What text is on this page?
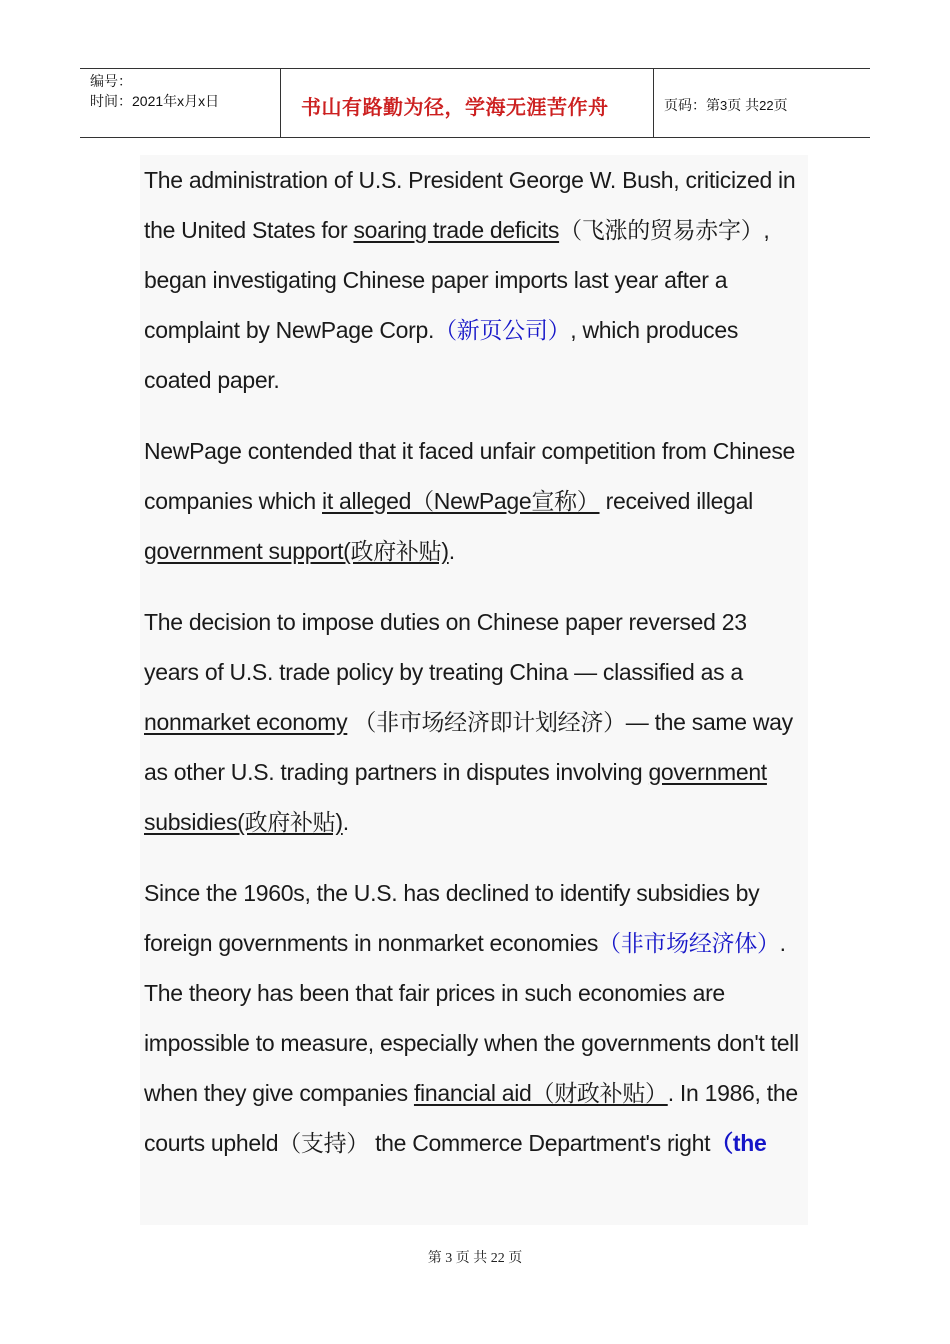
编号：
时间：2021年x月x日	书山有路勤为径，学海无涯苦作舟	页码：第3页 共22页

The administration of U.S. President George W. Bush, criticized in the United States for soaring trade deficits（飞涨的贸易赤字）, began investigating Chinese paper imports last year after a complaint by NewPage Corp.（新页公司）, which produces coated paper.

NewPage contended that it faced unfair competition from Chinese companies which it alleged（NewPage宣称） received illegal government support(政府补贴).

The decision to impose duties on Chinese paper reversed 23 years of U.S. trade policy by treating China — classified as a nonmarket economy （非市场经济即计划经济）— the same way as other U.S. trading partners in disputes involving government subsidies(政府补贴).

Since the 1960s, the U.S. has declined to identify subsidies by foreign governments in nonmarket economies（非市场经济体）. The theory has been that fair prices in such economies are impossible to measure, especially when the governments don't tell when they give companies financial aid（财政补贴）. In 1986, the courts upheld（支持） the Commerce Department's right（the

第 3 页 共 22 页
